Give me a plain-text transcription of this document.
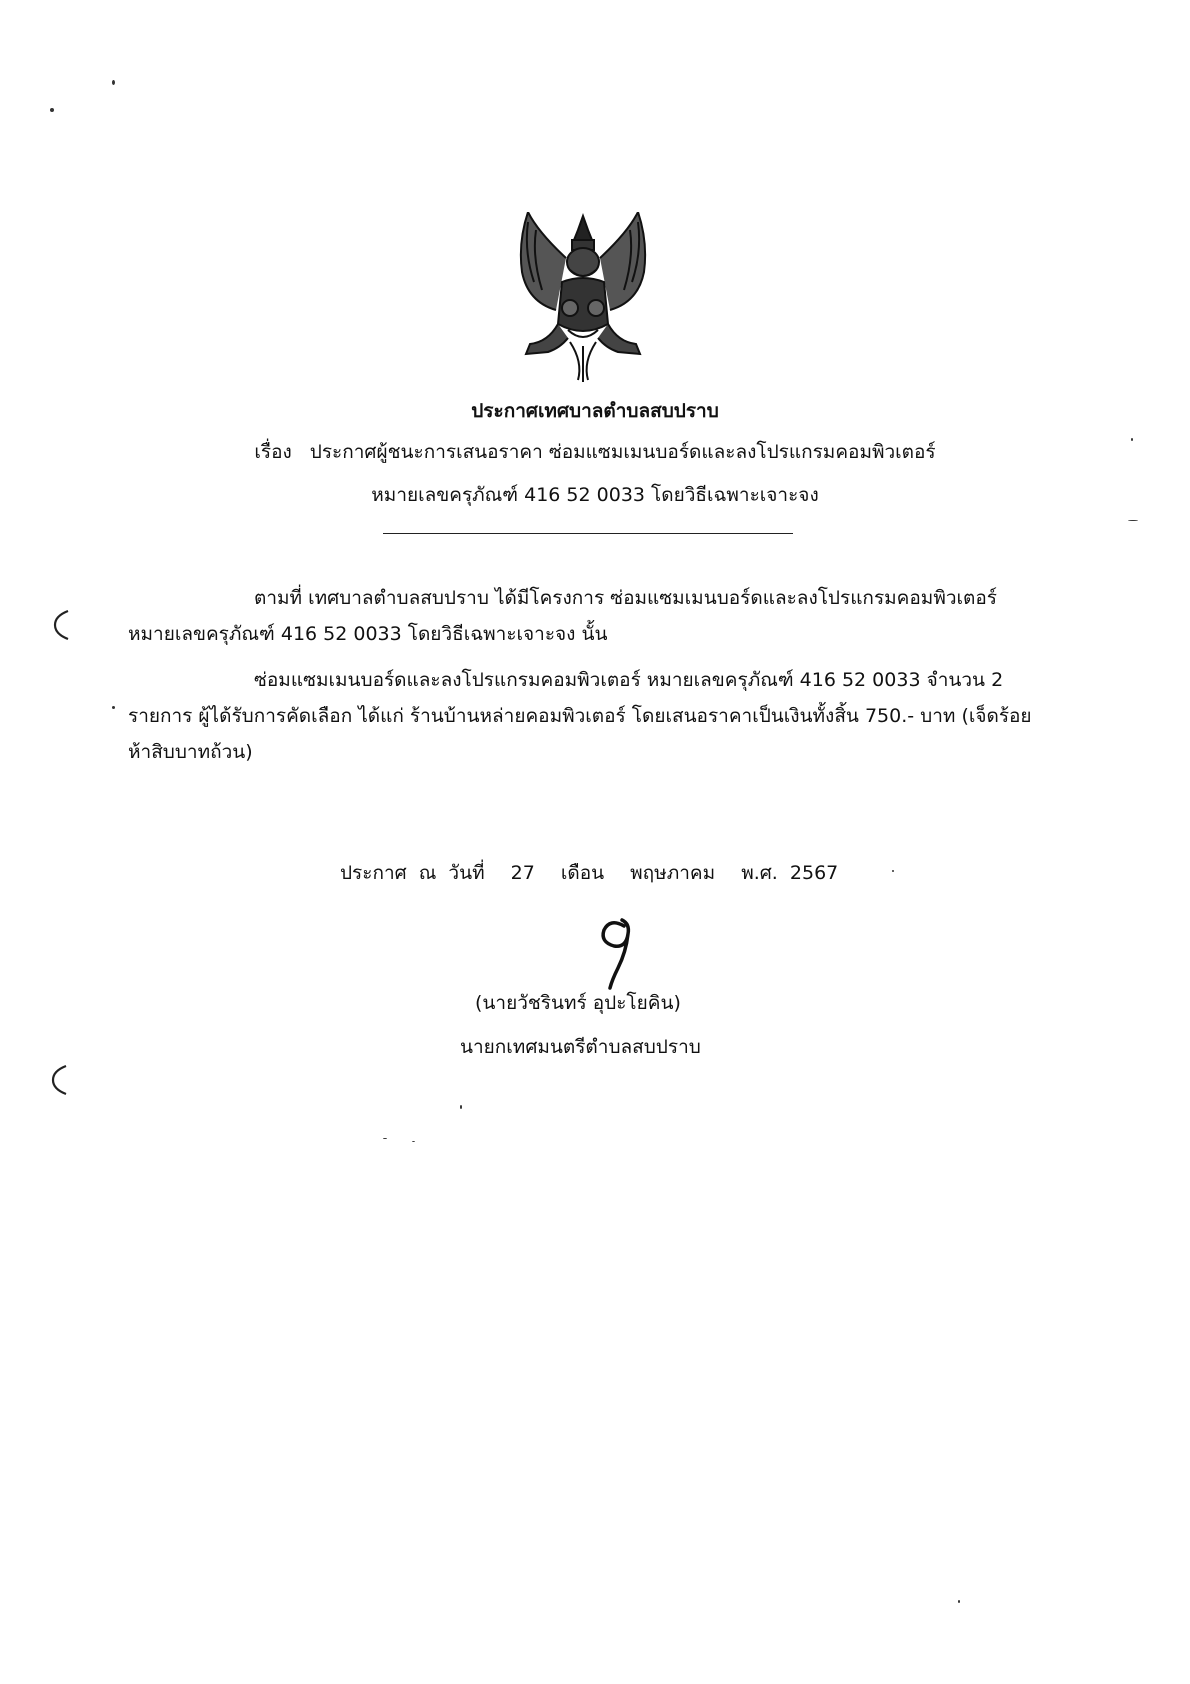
ประกาศเทศบาลตำบลสบปราบ
เรื่อง ประกาศผู้ชนะการเสนอราคา ซ่อมแซมเมนบอร์ดและลงโปรแกรมคอมพิวเตอร์
หมายเลขครุภัณฑ์ 416 52 0033 โดยวิธีเฉพาะเจาะจง
ตามที่ เทศบาลตำบลสบปราบ ได้มีโครงการ ซ่อมแซมเมนบอร์ดและลงโปรแกรมคอมพิวเตอร์
หมายเลขครุภัณฑ์ 416 52 0033 โดยวิธีเฉพาะเจาะจง นั้น
ซ่อมแซมเมนบอร์ดและลงโปรแกรมคอมพิวเตอร์ หมายเลขครุภัณฑ์ 416 52 0033 จำนวน 2
รายการ ผู้ได้รับการคัดเลือก ได้แก่ ร้านบ้านหล่ายคอมพิวเตอร์ โดยเสนอราคาเป็นเงินทั้งสิ้น 750.- บาท (เจ็ดร้อย
ห้าสิบบาทถ้วน)
ประกาศ ณ วันที่ 27 เดือน พฤษภาคม พ.ศ. 2567
(นายวัชรินทร์ อุปะโยคิน)
นายกเทศมนตรีตำบลสบปราบ
